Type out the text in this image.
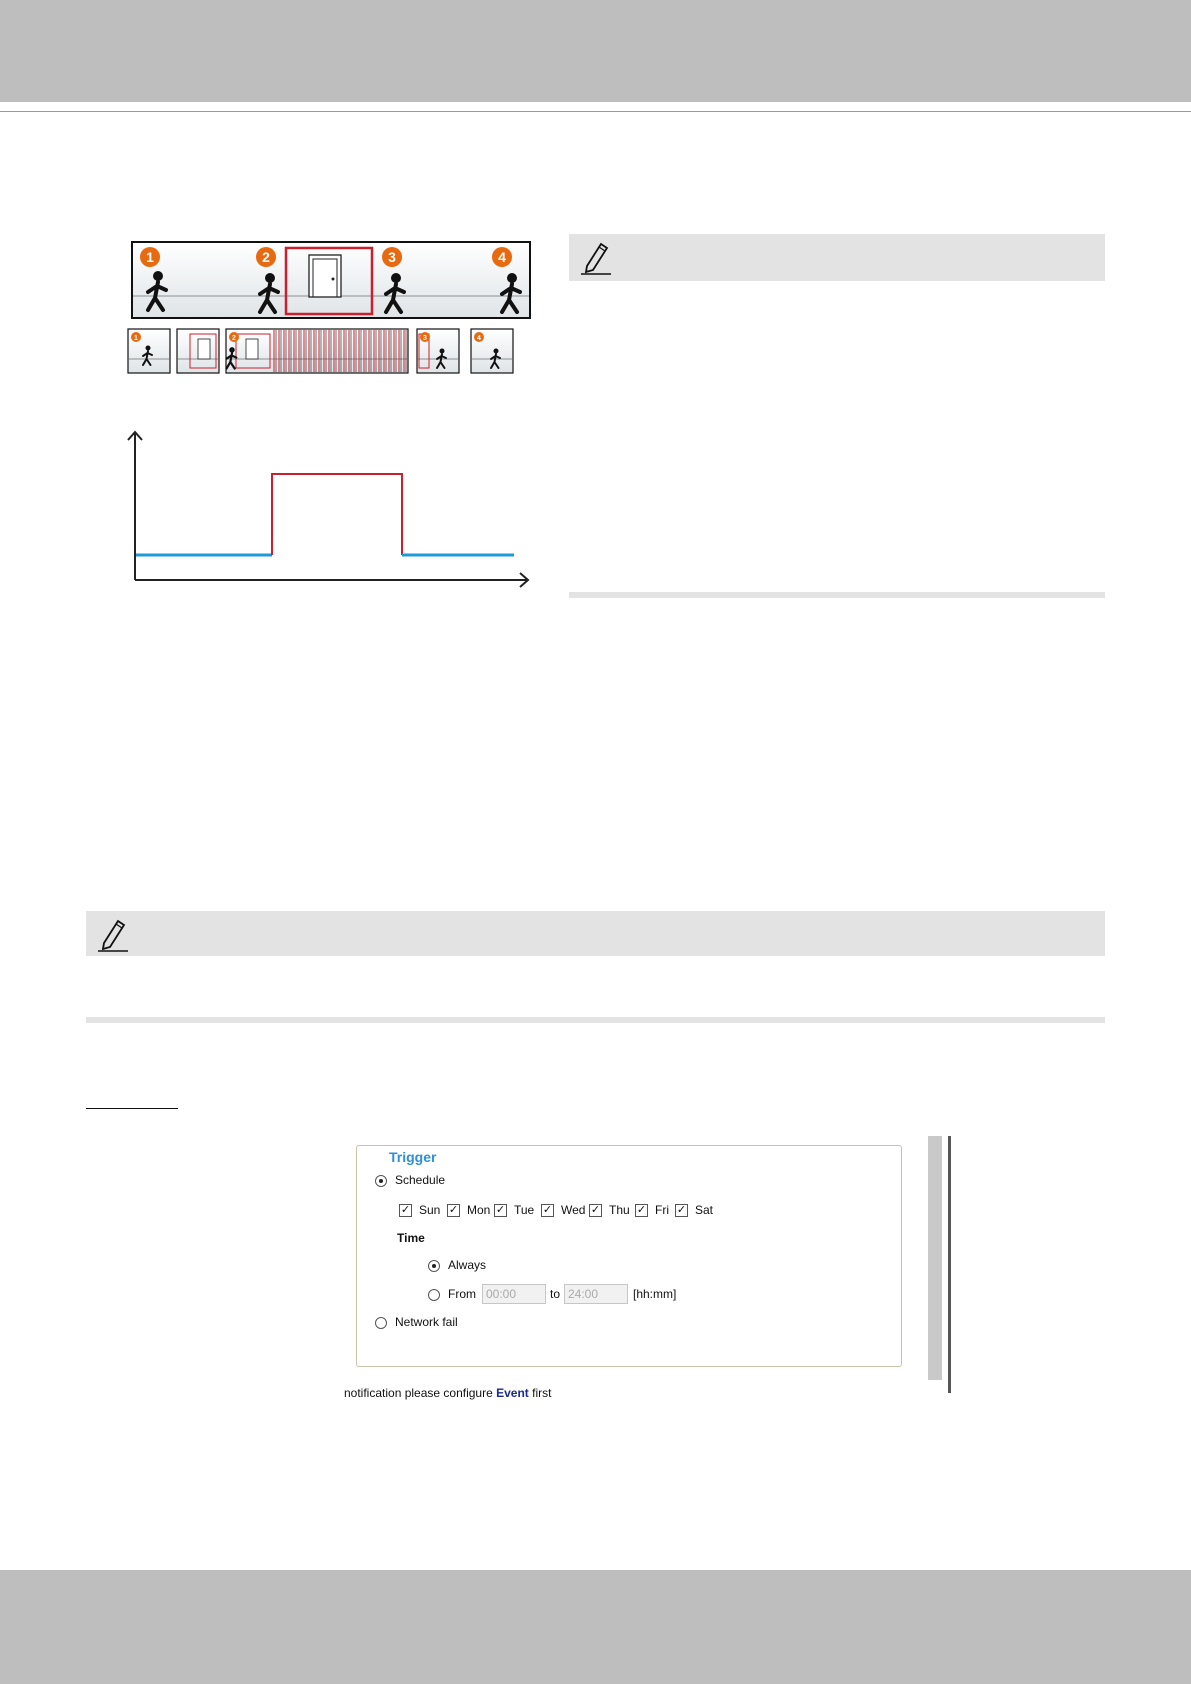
1	2	3	4
1	2	3	4
Trigger
Schedule
✓ Sun ✓ Mon ✓ Tue ✓ Wed ✓ Thu ✓ Fri ✓ Sat
Time
Always
From
00:00	to
24:00	[hh:mm]
Network fail
notification please configure Event first
